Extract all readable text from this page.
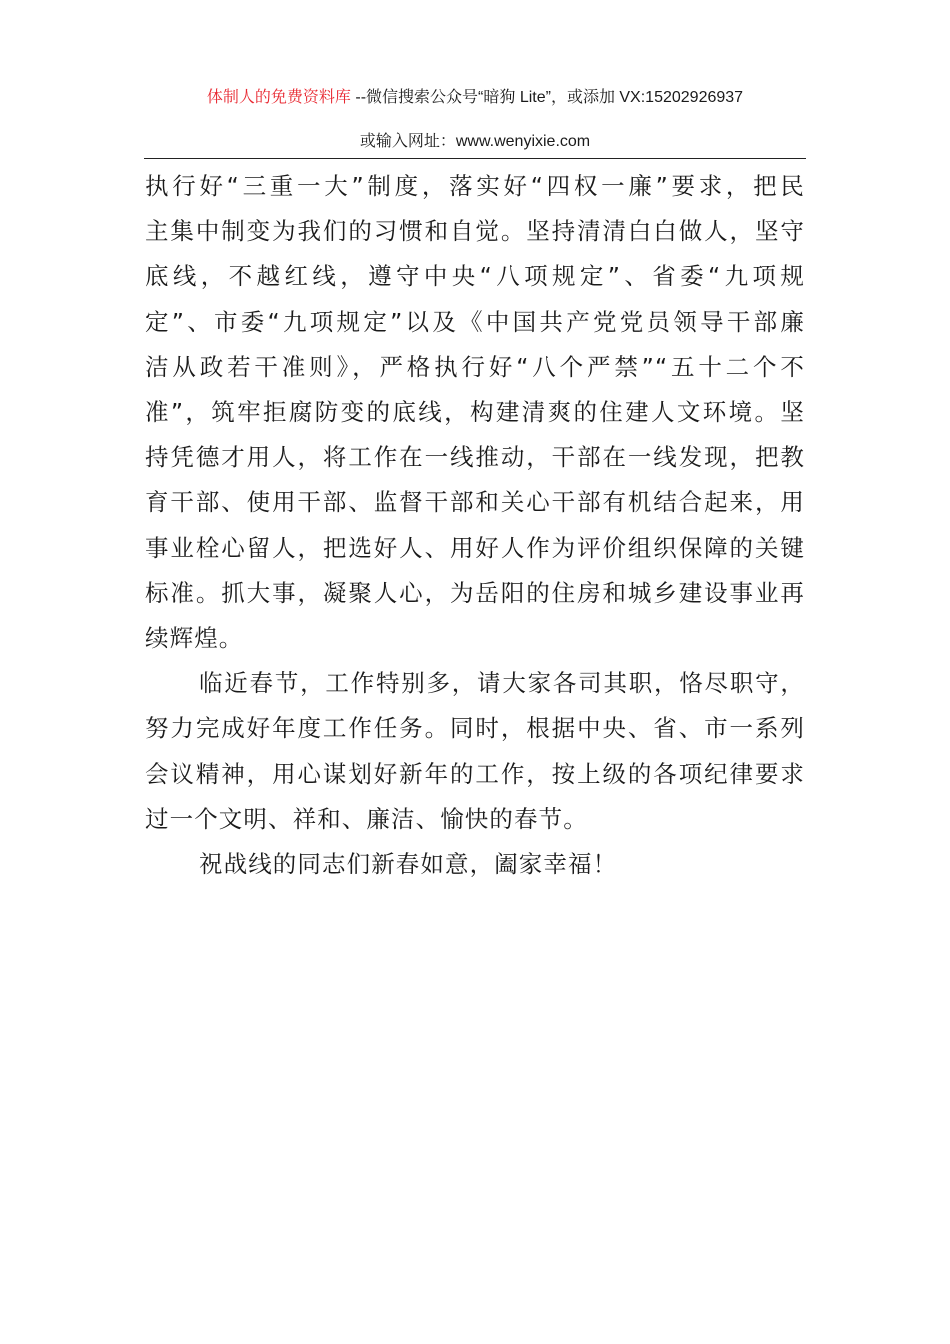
体制人的免费资料库 --微信搜索公众号“暗狗 Lite”，或添加 VX:15202926937
或输入网址：www.wenyixie.com
执行好“三重一大”制度，落实好“四权一廉”要求，把民
主集中制变为我们的习惯和自觉。坚持清清白白做人，坚守
底线，不越红线，遵守中央“八项规定”、省委“九项规
定”、市委“九项规定”以及《中国共产党党员领导干部廉
洁从政若干准则》，严格执行好“八个严禁”“五十二个不
准”，筑牢拒腐防变的底线，构建清爽的住建人文环境。坚
持凭德才用人，将工作在一线推动，干部在一线发现，把教
育干部、使用干部、监督干部和关心干部有机结合起来，用
事业栓心留人，把选好人、用好人作为评价组织保障的关键
标准。抓大事，凝聚人心，为岳阳的住房和城乡建设事业再
续辉煌。
临近春节，工作特别多，请大家各司其职，恪尽职守，
努力完成好年度工作任务。同时，根据中央、省、市一系列
会议精神，用心谋划好新年的工作，按上级的各项纪律要求
过一个文明、祥和、廉洁、愉快的春节。
祝战线的同志们新春如意，阖家幸福！
